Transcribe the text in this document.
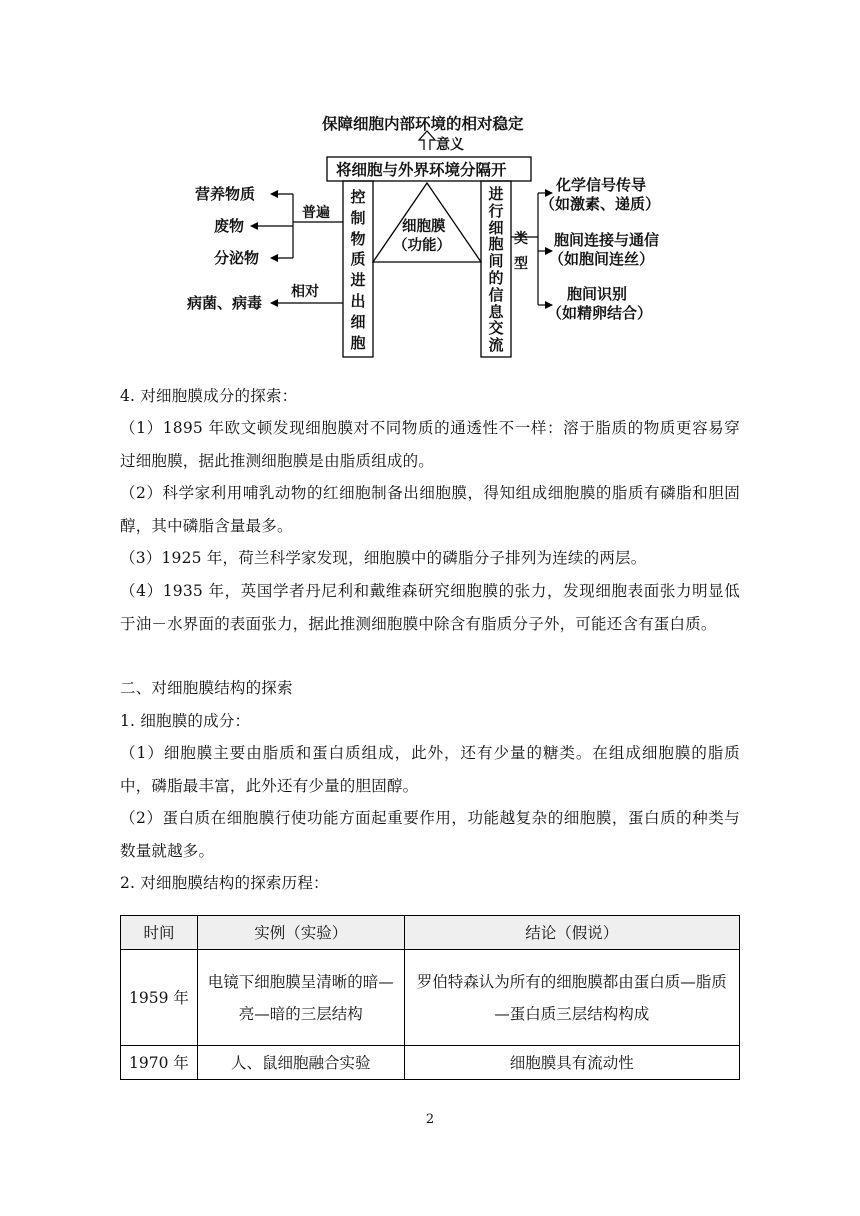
保障细胞内部环境的相对稳定
意义
将细胞与外界环境分隔开
细胞膜
（功能）
控制物质进出细胞
进行细胞间的信息交流
营养物质
废物
分泌物
普遍
相对
病菌、病毒
类
型
化学信号传导
（如激素、递质）
胞间连接与通信
（如胞间连丝）
胞间识别
（如精卵结合）
4. 对细胞膜成分的探索：
（1）1895 年欧文顿发现细胞膜对不同物质的通透性不一样：溶于脂质的物质更容易穿过细胞膜，据此推测细胞膜是由脂质组成的。
（2）科学家利用哺乳动物的红细胞制备出细胞膜，得知组成细胞膜的脂质有磷脂和胆固醇，其中磷脂含量最多。
（3）1925 年，荷兰科学家发现，细胞膜中的磷脂分子排列为连续的两层。
（4）1935 年，英国学者丹尼利和戴维森研究细胞膜的张力，发现细胞表面张力明显低于油－水界面的表面张力，据此推测细胞膜中除含有脂质分子外，可能还含有蛋白质。
二、对细胞膜结构的探索
1. 细胞膜的成分：
（1）细胞膜主要由脂质和蛋白质组成，此外，还有少量的糖类。在组成细胞膜的脂质中，磷脂最丰富，此外还有少量的胆固醇。
（2）蛋白质在细胞膜行使功能方面起重要作用，功能越复杂的细胞膜，蛋白质的种类与数量就越多。
2. 对细胞膜结构的探索历程：
时间	实例（实验）	结论（假说）
1959 年	电镜下细胞膜呈清晰的暗—亮—暗的三层结构	罗伯特森认为所有的细胞膜都由蛋白质—脂质—蛋白质三层结构构成
1970 年	人、鼠细胞融合实验	细胞膜具有流动性
2
